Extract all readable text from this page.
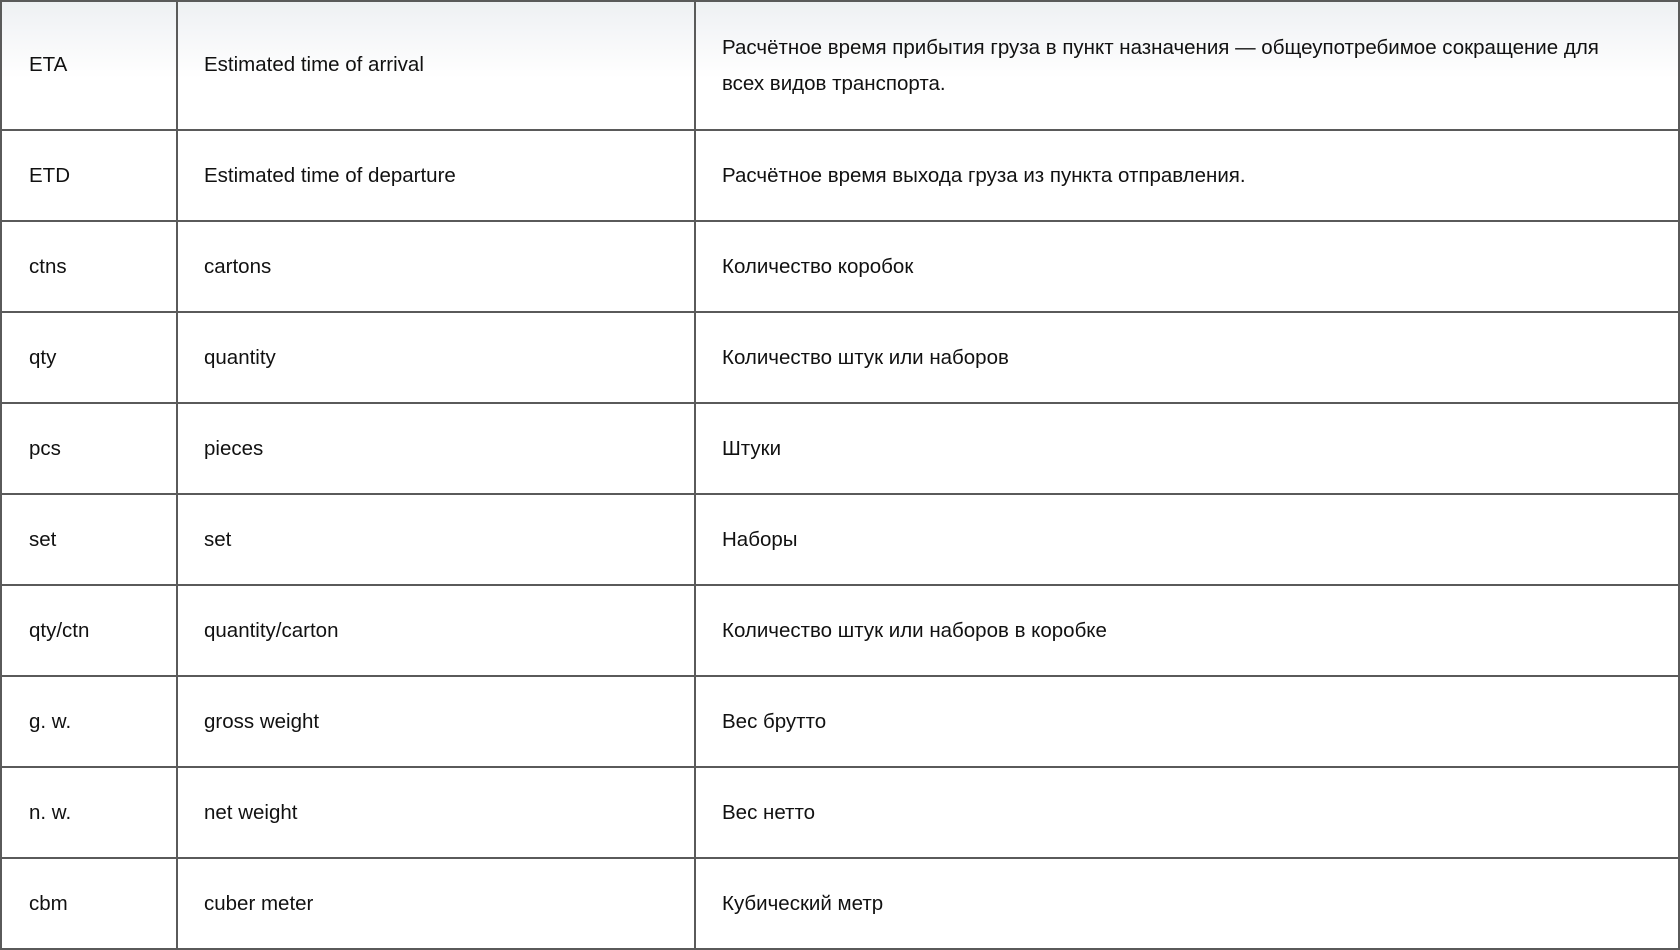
ETA	Estimated time of arrival	Расчётное время прибытия груза в пункт назначения — общеупотребимое сокращение для всех видов транспорта.
ETD	Estimated time of departure	Расчётное время выхода груза из пункта отправления.
ctns	cartons	Количество коробок
qty	quantity	Количество штук или наборов
pcs	pieces	Штуки
set	set	Наборы
qty/ctn	quantity/carton	Количество штук или наборов в коробке
g. w.	gross weight	Вес брутто
n. w.	net weight	Вес нетто
cbm	cuber meter	Кубический метр
